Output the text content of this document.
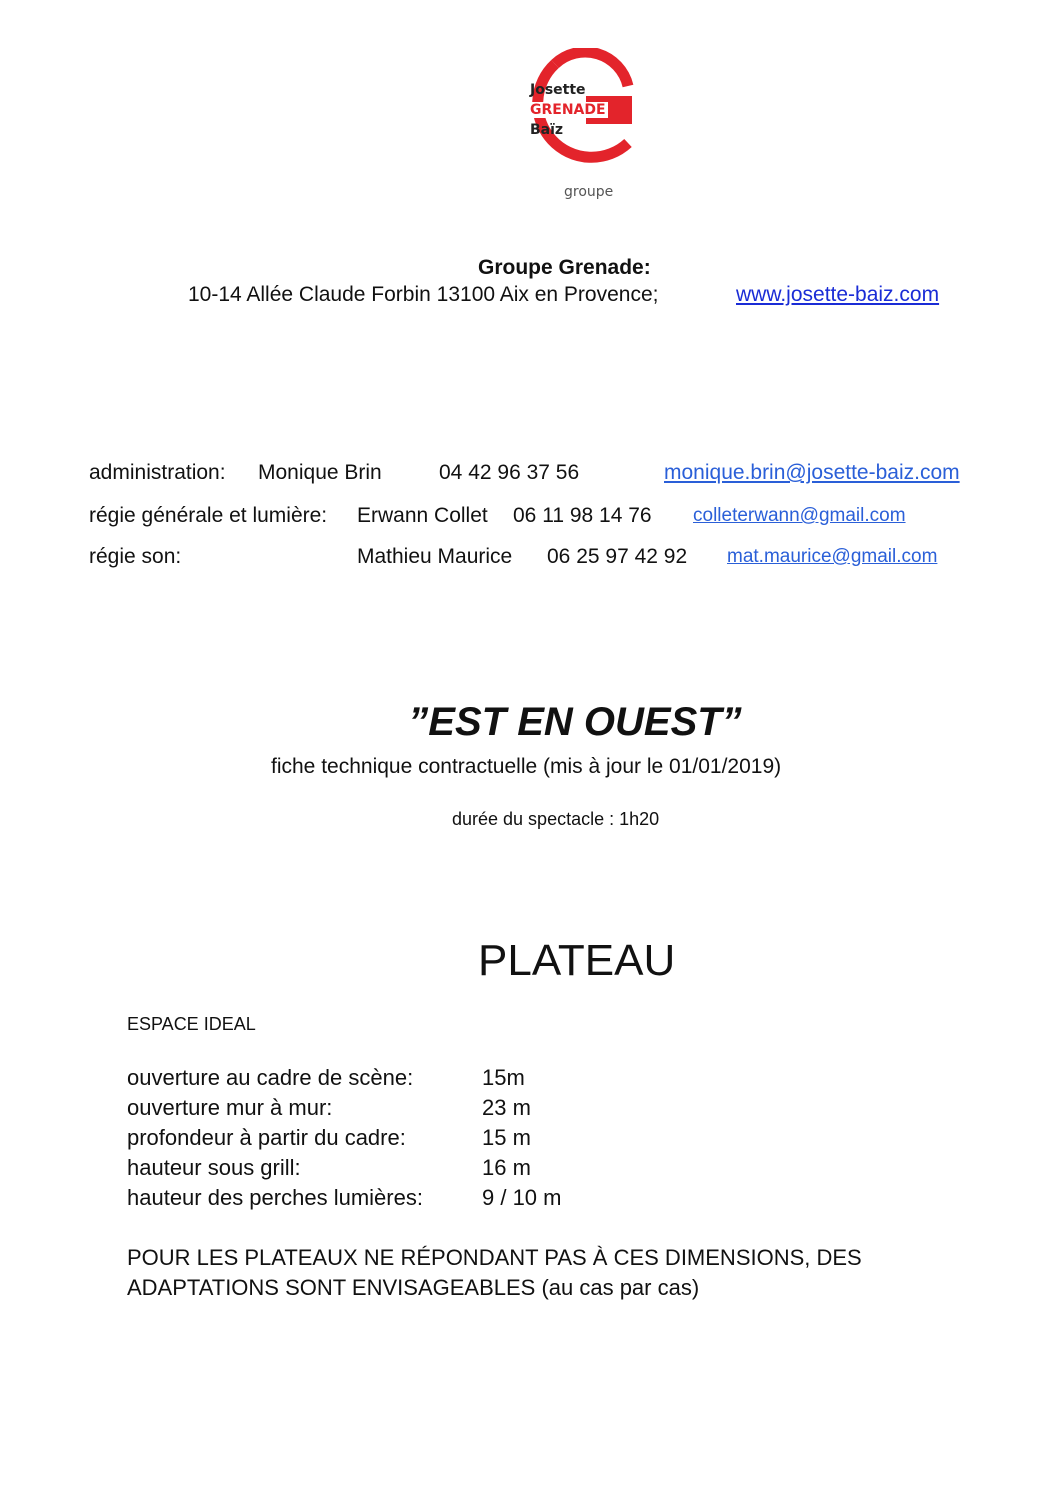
Josette
GRENADE
Baïz
groupe
Groupe Grenade:
10-14 Allée Claude Forbin 13100 Aix en Provence;	www.josette-baiz.com
administration: Monique Brin	04 42 96 37 56	monique.brin@josette-baiz.com
régie générale et lumière: Erwann Collet 06 11 98 14 76 colleterwann@gmail.com
régie son:	Mathieu Maurice 06 25 97 42 92 mat.maurice@gmail.com
”EST EN OUEST”
fiche technique contractuelle (mis à jour le 01/01/2019)
durée du spectacle : 1h20
PLATEAU
ESPACE IDEAL
ouverture au cadre de scène:	15m
ouverture mur à mur:	23 m
profondeur à partir du cadre:	15 m
hauteur sous grill:	16 m
hauteur des perches lumières:	9 / 10 m
POUR LES PLATEAUX NE RÉPONDANT PAS À CES DIMENSIONS, DES ADAPTATIONS SONT ENVISAGEABLES (au cas par cas)
